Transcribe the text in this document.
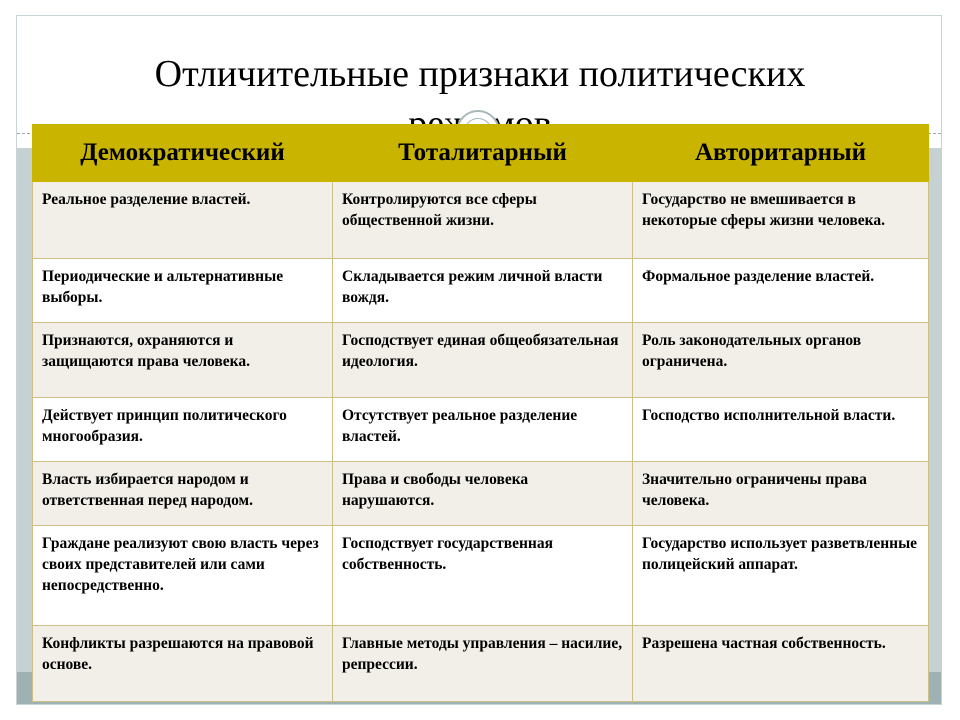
Отличительные признаки политических

Демократический	Тоталитарный	Авторитарный
Реальное разделение властей.	Контролируются все сферы общественной жизни.	Государство не вмешивается в некоторые сферы жизни человека.
Периодические и альтернативные выборы.	Складывается режим личной власти вождя.	Формальное разделение властей.
Признаются, охраняются и защищаются права человека.	Господствует единая общеобязательная идеология.	Роль законодательных органов ограничена.
Действует принцип политического многообразия.	Отсутствует реальное разделение властей.	Господство исполнительной власти.
Власть избирается народом и ответственная перед народом.	Права и свободы человека нарушаются.	Значительно ограничены права человека.
Граждане реализуют свою власть через своих представителей или сами непосредственно.	Господствует государственная собственность.	Государство использует разветвленные полицейский аппарат.
Конфликты разрешаются на правовой основе.	Главные методы управления – насилие, репрессии.	Разрешена частная собственность.
